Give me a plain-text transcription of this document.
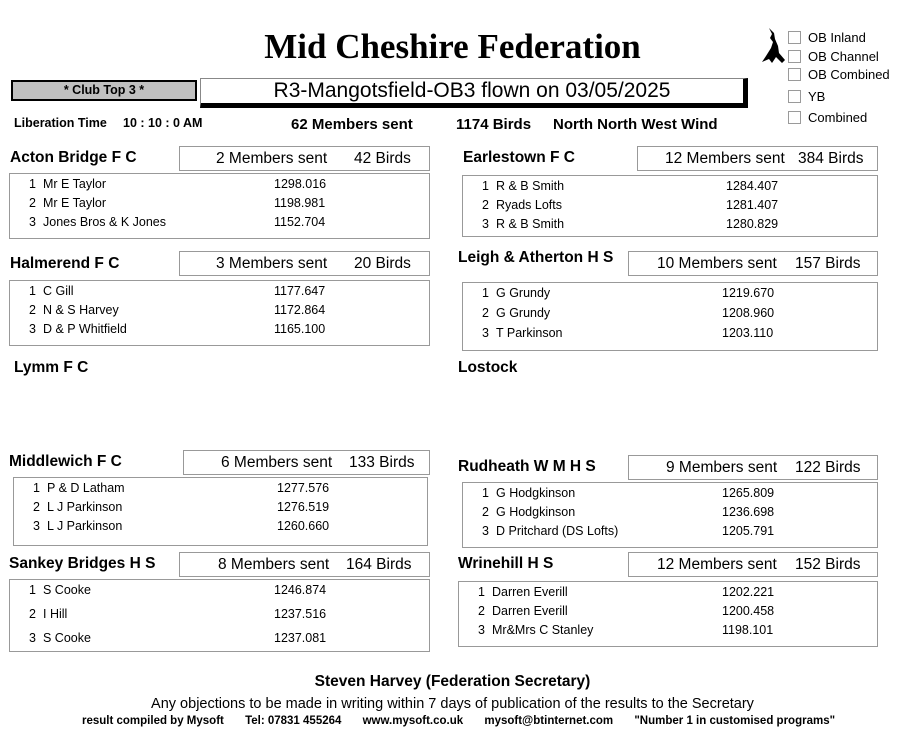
Mid Cheshire Federation	OB Inland
OB Channel
OB Combined
YB
Combined
* Club Top 3 *	R3-Mangotsfield-OB3 flown on 03/05/2025
Liberation Time 10 : 10 : 0 AM	62 Members sent	1174 Birds North North West Wind
Acton Bridge F C	2 Members sent 42 Birds
1 Mr E Taylor	1298.016
2 Mr E Taylor	1198.981
3 Jones Bros & K Jones	1152.704
Earlestown F C	12 Members sent 384 Birds
1 R & B Smith	1284.407
2 Ryads Lofts	1281.407
3 R & B Smith	1280.829
Halmerend F C	3 Members sent 20 Birds
1 C Gill	1177.647
2 N & S Harvey	1172.864
3 D & P Whitfield	1165.100
Leigh & Atherton H S	10 Members sent 157 Birds
1 G Grundy	1219.670
2 G Grundy	1208.960
3 T Parkinson	1203.110
Lymm F C	Lostock
Middlewich F C	6 Members sent 133 Birds
1 P & D Latham	1277.576
2 L J Parkinson	1276.519
3 L J Parkinson	1260.660
Rudheath W M H S	9 Members sent 122 Birds
1 G Hodgkinson	1265.809
2 G Hodgkinson	1236.698
3 D Pritchard (DS Lofts)	1205.791
Sankey Bridges H S	8 Members sent 164 Birds
1 S Cooke	1246.874
2 I Hill	1237.516
3 S Cooke	1237.081
Wrinehill H S	12 Members sent 152 Birds
1 Darren Everill	1202.221
2 Darren Everill	1200.458
3 Mr&Mrs C Stanley	1198.101
Steven Harvey (Federation Secretary)
Any objections to be made in writing within 7 days of publication of the results to the Secretary
result compiled by Mysoft Tel: 07831 455264 www.mysoft.co.uk mysoft@btinternet.com "Number 1 in customised programs"
